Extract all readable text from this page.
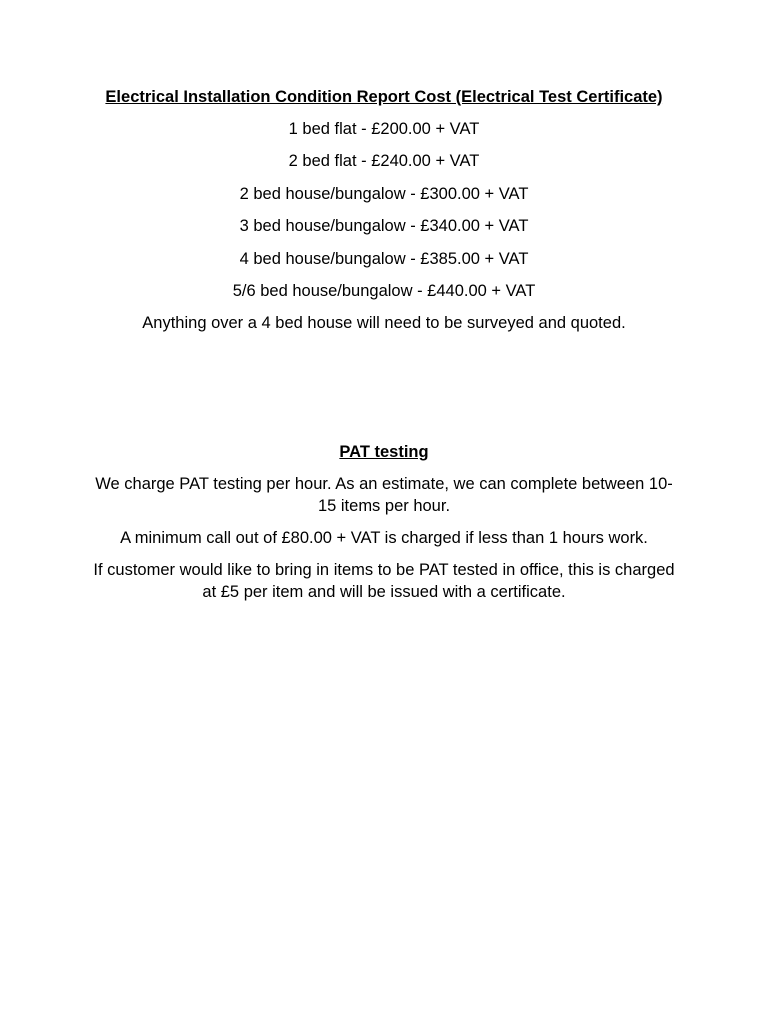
Electrical Installation Condition Report Cost (Electrical Test Certificate)

1 bed flat - £200.00 + VAT

2 bed flat - £240.00 + VAT

2 bed house/bungalow - £300.00 + VAT

3 bed house/bungalow - £340.00 + VAT

4 bed house/bungalow - £385.00 + VAT

5/6 bed house/bungalow - £440.00 + VAT

Anything over a 4 bed house will need to be surveyed and quoted.

PAT testing

We charge PAT testing per hour. As an estimate, we can complete between 10-15 items per hour.

A minimum call out of £80.00 + VAT is charged if less than 1 hours work.

If customer would like to bring in items to be PAT tested in office, this is charged at £5 per item and will be issued with a certificate.
